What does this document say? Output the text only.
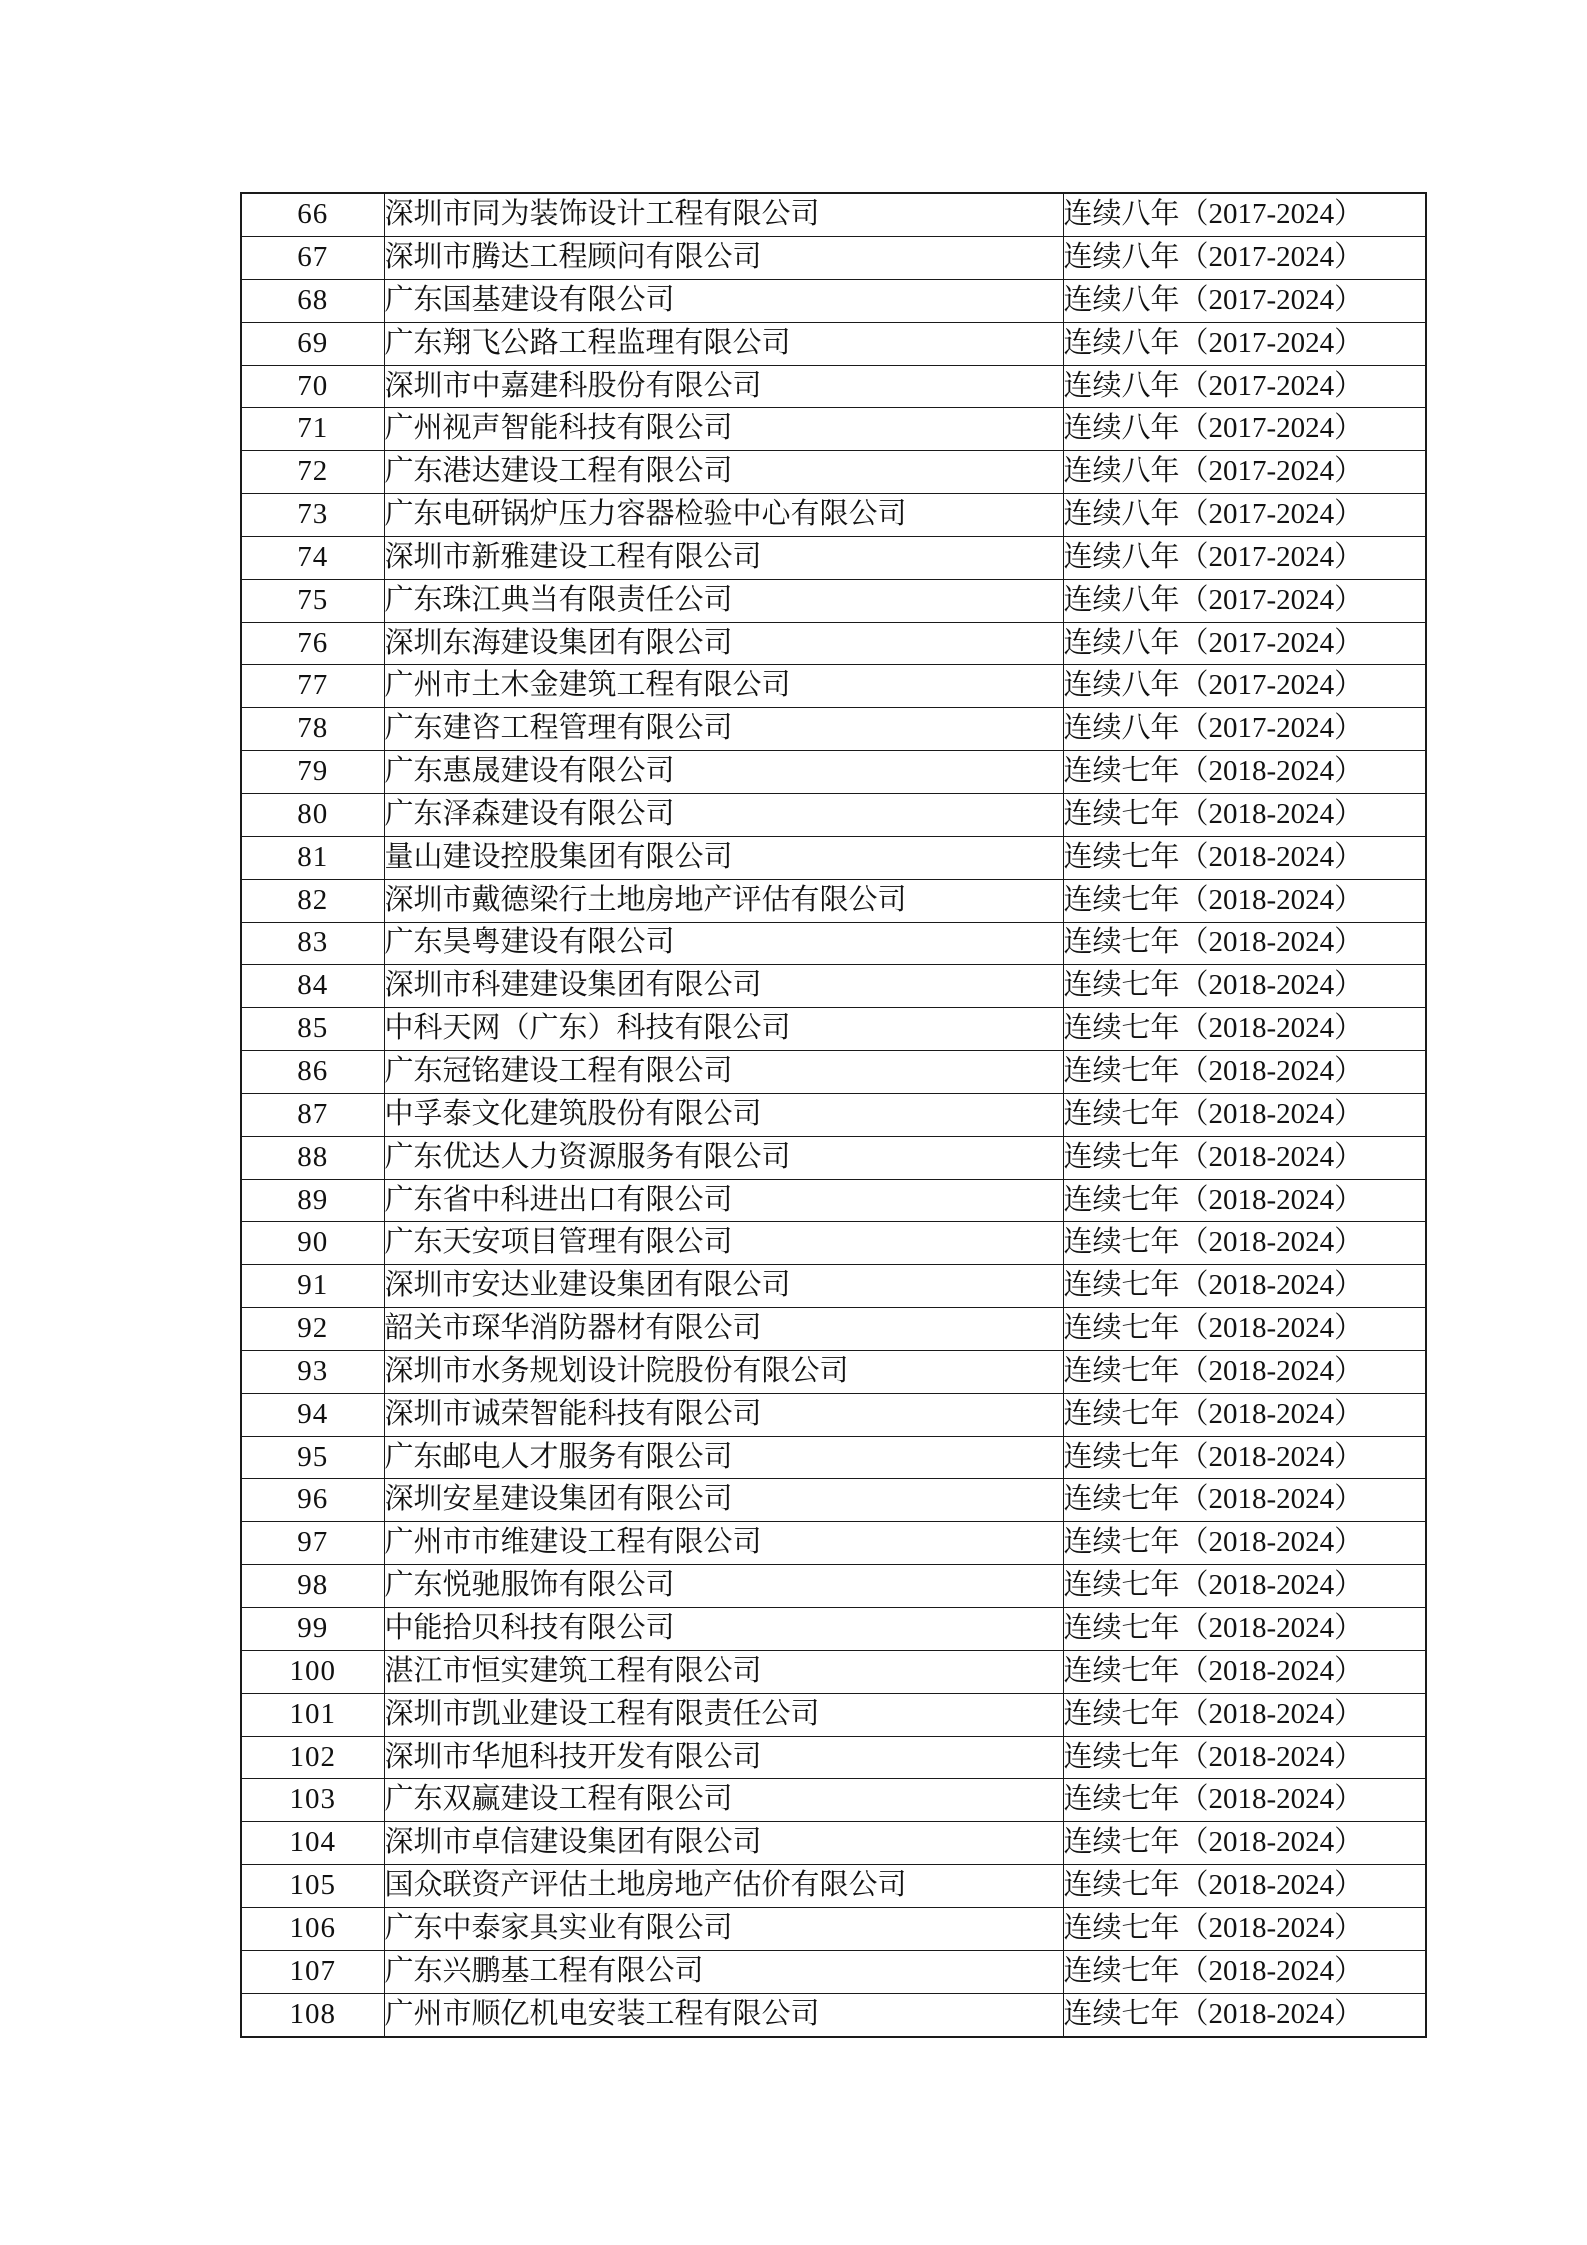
66	深圳市同为装饰设计工程有限公司	连续八年（2017-2024）
67	深圳市腾达工程顾问有限公司	连续八年（2017-2024）
68	广东国基建设有限公司	连续八年（2017-2024）
69	广东翔飞公路工程监理有限公司	连续八年（2017-2024）
70	深圳市中嘉建科股份有限公司	连续八年（2017-2024）
71	广州视声智能科技有限公司	连续八年（2017-2024）
72	广东港达建设工程有限公司	连续八年（2017-2024）
73	广东电研锅炉压力容器检验中心有限公司	连续八年（2017-2024）
74	深圳市新雅建设工程有限公司	连续八年（2017-2024）
75	广东珠江典当有限责任公司	连续八年（2017-2024）
76	深圳东海建设集团有限公司	连续八年（2017-2024）
77	广州市土木金建筑工程有限公司	连续八年（2017-2024）
78	广东建咨工程管理有限公司	连续八年（2017-2024）
79	广东惠晟建设有限公司	连续七年（2018-2024）
80	广东泽森建设有限公司	连续七年（2018-2024）
81	量山建设控股集团有限公司	连续七年（2018-2024）
82	深圳市戴德梁行土地房地产评估有限公司	连续七年（2018-2024）
83	广东昊粤建设有限公司	连续七年（2018-2024）
84	深圳市科建建设集团有限公司	连续七年（2018-2024）
85	中科天网（广东）科技有限公司	连续七年（2018-2024）
86	广东冠铭建设工程有限公司	连续七年（2018-2024）
87	中孚泰文化建筑股份有限公司	连续七年（2018-2024）
88	广东优达人力资源服务有限公司	连续七年（2018-2024）
89	广东省中科进出口有限公司	连续七年（2018-2024）
90	广东天安项目管理有限公司	连续七年（2018-2024）
91	深圳市安达业建设集团有限公司	连续七年（2018-2024）
92	韶关市琛华消防器材有限公司	连续七年（2018-2024）
93	深圳市水务规划设计院股份有限公司	连续七年（2018-2024）
94	深圳市诚荣智能科技有限公司	连续七年（2018-2024）
95	广东邮电人才服务有限公司	连续七年（2018-2024）
96	深圳安星建设集团有限公司	连续七年（2018-2024）
97	广州市市维建设工程有限公司	连续七年（2018-2024）
98	广东悦驰服饰有限公司	连续七年（2018-2024）
99	中能拾贝科技有限公司	连续七年（2018-2024）
100	湛江市恒实建筑工程有限公司	连续七年（2018-2024）
101	深圳市凯业建设工程有限责任公司	连续七年（2018-2024）
102	深圳市华旭科技开发有限公司	连续七年（2018-2024）
103	广东双赢建设工程有限公司	连续七年（2018-2024）
104	深圳市卓信建设集团有限公司	连续七年（2018-2024）
105	国众联资产评估土地房地产估价有限公司	连续七年（2018-2024）
106	广东中泰家具实业有限公司	连续七年（2018-2024）
107	广东兴鹏基工程有限公司	连续七年（2018-2024）
108	广州市顺亿机电安装工程有限公司	连续七年（2018-2024）
